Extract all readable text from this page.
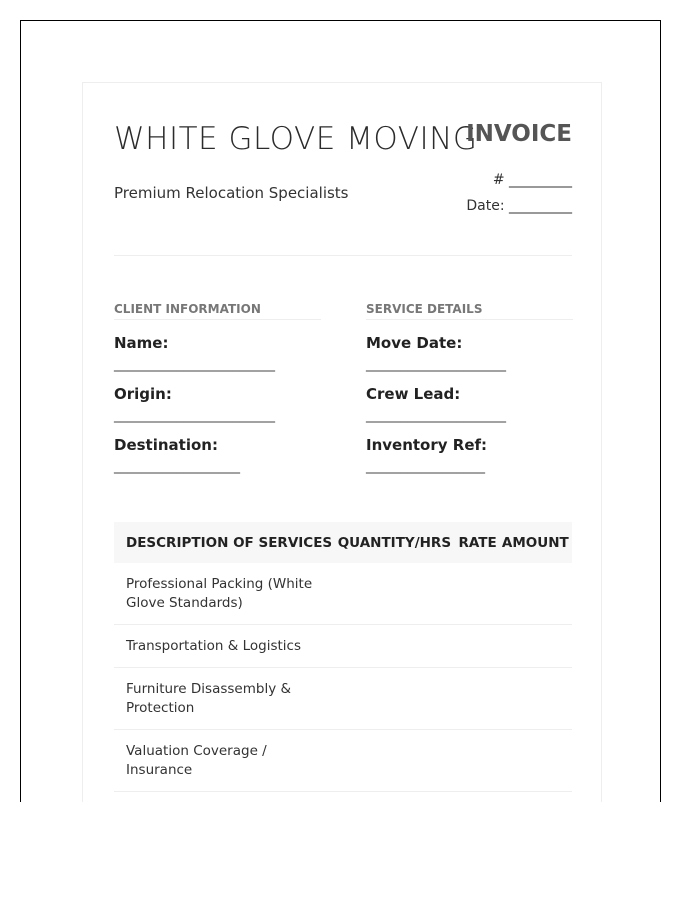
WHITE GLOVE MOVING
Premium Relocation Specialists
INVOICE
# _________
Date: _________
CLIENT INFORMATION
Name:
_______________________
Origin:
_______________________
Destination:
__________________
SERVICE DETAILS
Move Date:
____________________
Crew Lead:
____________________
Inventory Ref:
_________________
DESCRIPTION OF SERVICES	QUANTITY/HRS	RATE	AMOUNT
Professional Packing (White Glove Standards)			
Transportation & Logistics			
Furniture Disassembly & Protection			
Valuation Coverage / Insurance			
